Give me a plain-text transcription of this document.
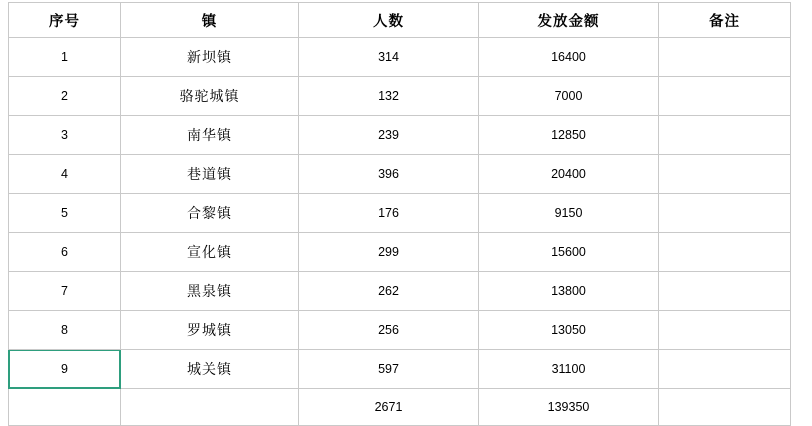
序号	镇	人数	发放金额	备注
1	新坝镇	314	16400	
2	骆驼城镇	132	7000	
3	南华镇	239	12850	
4	巷道镇	396	20400	
5	合黎镇	176	9150	
6	宣化镇	299	15600	
7	黑泉镇	262	13800	
8	罗城镇	256	13050	
9	城关镇	597	31100	
		2671	139350	
